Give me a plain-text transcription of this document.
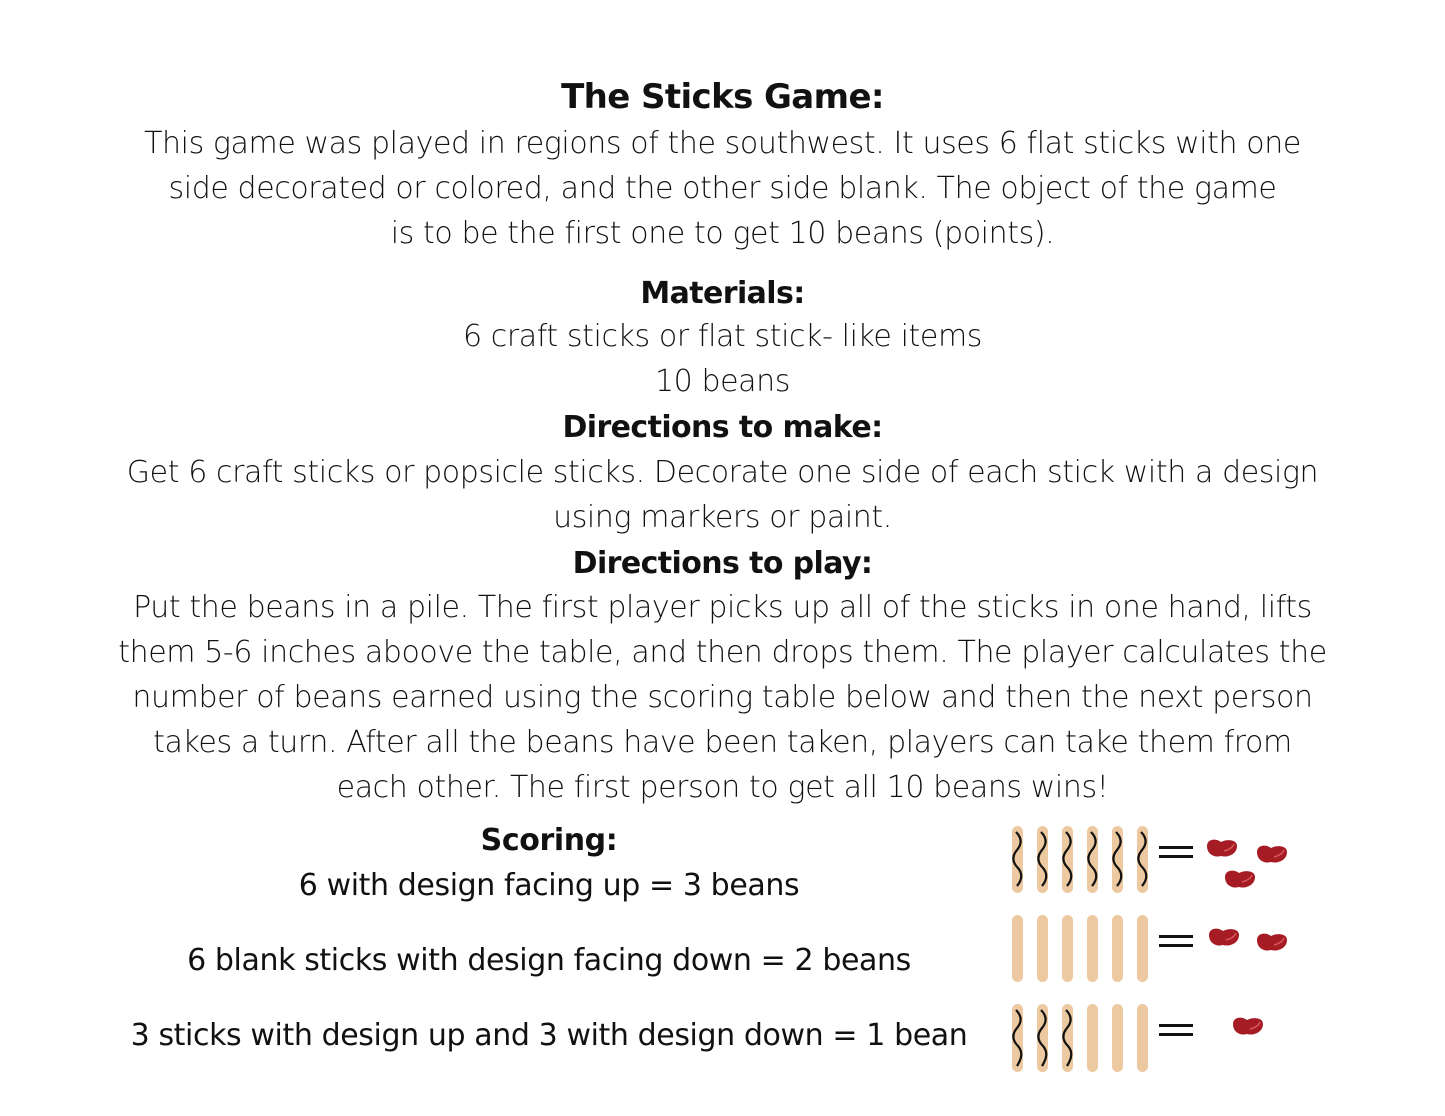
The Sticks Game:
This game was played in regions of the southwest. It uses 6 flat sticks with one
side decorated or colored, and the other side blank. The object of the game
is to be the first one to get 10 beans (points).
Materials:
6 craft sticks or flat stick- like items
10 beans
Directions to make:
Get 6 craft sticks or popsicle sticks. Decorate one side of each stick with a design
using markers or paint.
Directions to play:
Put the beans in a pile. The first player picks up all of the sticks in one hand, lifts
them 5-6 inches aboove the table, and then drops them. The player calculates the
number of beans earned using the scoring table below and then the next person
takes a turn. After all the beans have been taken, players can take them from
each other. The first person to get all 10 beans wins!
Scoring:
6 with design facing up = 3 beans
6 blank sticks with design facing down = 2 beans
3 sticks with design up and 3 with design down = 1 bean
